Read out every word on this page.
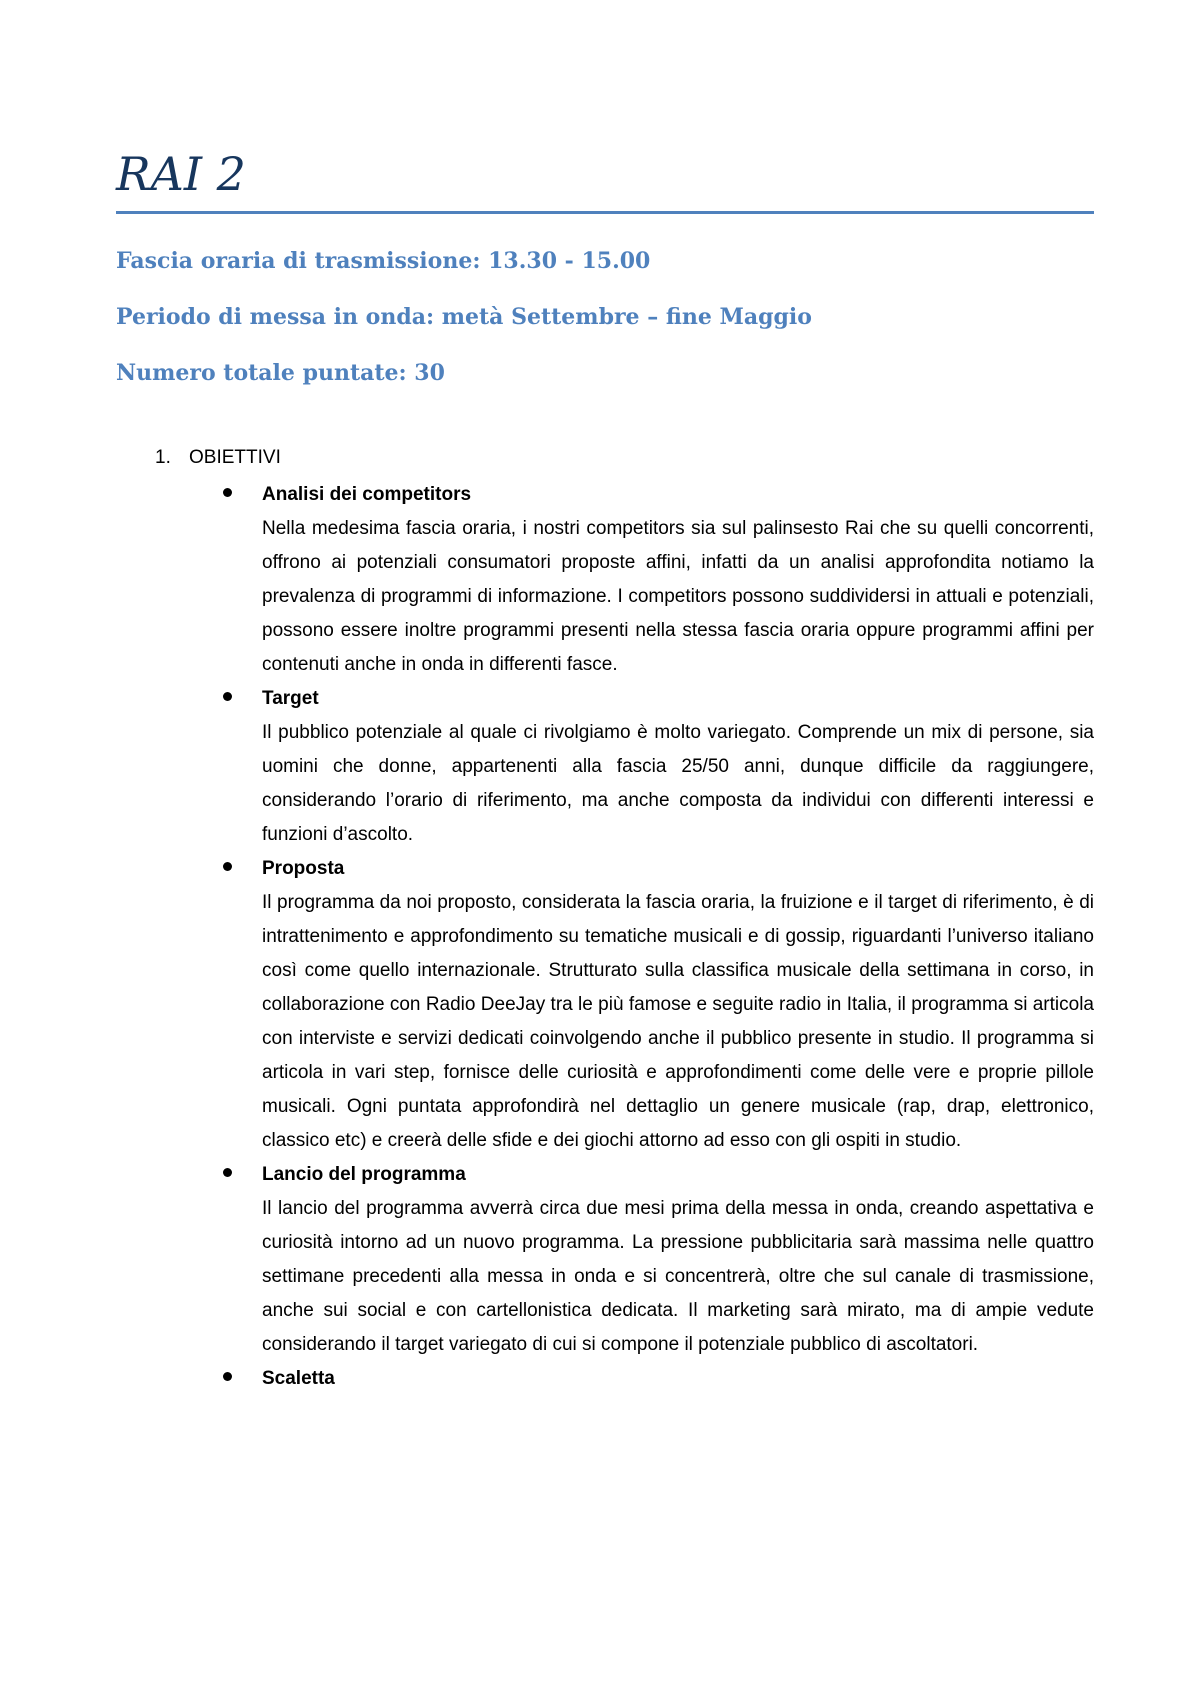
RAI 2

Fascia oraria di trasmissione: 13.30 - 15.00

Periodo di messa in onda: metà Settembre – fine Maggio

Numero totale puntate: 30

1. OBIETTIVI
Analisi dei competitors

Nella medesima fascia oraria, i nostri competitors sia sul palinsesto Rai che su quelli concorrenti, offrono ai potenziali consumatori proposte affini, infatti da un analisi approfondita notiamo la prevalenza di programmi di informazione. I competitors possono suddividersi in attuali e potenziali, possono essere inoltre programmi presenti nella stessa fascia oraria oppure programmi affini per contenuti anche in onda in differenti fasce.

Target

Il pubblico potenziale al quale ci rivolgiamo è molto variegato. Comprende un mix di persone, sia uomini che donne, appartenenti alla fascia 25/50 anni, dunque difficile da raggiungere, considerando l’orario di riferimento, ma anche composta da individui con differenti interessi e funzioni d’ascolto.

Proposta

Il programma da noi proposto, considerata la fascia oraria, la fruizione e il target di riferimento, è di intrattenimento e approfondimento su tematiche musicali e di gossip, riguardanti l’universo italiano così come quello internazionale. Strutturato sulla classifica musicale della settimana in corso, in collaborazione con Radio DeeJay tra le più famose e seguite radio in Italia, il programma si articola con interviste e servizi dedicati coinvolgendo anche il pubblico presente in studio. Il programma si articola in vari step, fornisce delle curiosità e approfondimenti come delle vere e proprie pillole musicali. Ogni puntata approfondirà nel dettaglio un genere musicale (rap, drap, elettronico, classico etc) e creerà delle sfide e dei giochi attorno ad esso con gli ospiti in studio.

Lancio del programma

Il lancio del programma avverrà circa due mesi prima della messa in onda, creando aspettativa e curiosità intorno ad un nuovo programma. La pressione pubblicitaria sarà massima nelle quattro settimane precedenti alla messa in onda e si concentrerà, oltre che sul canale di trasmissione, anche sui social e con cartellonistica dedicata. Il marketing sarà mirato, ma di ampie vedute considerando il target variegato di cui si compone il potenziale pubblico di ascoltatori.

Scaletta
